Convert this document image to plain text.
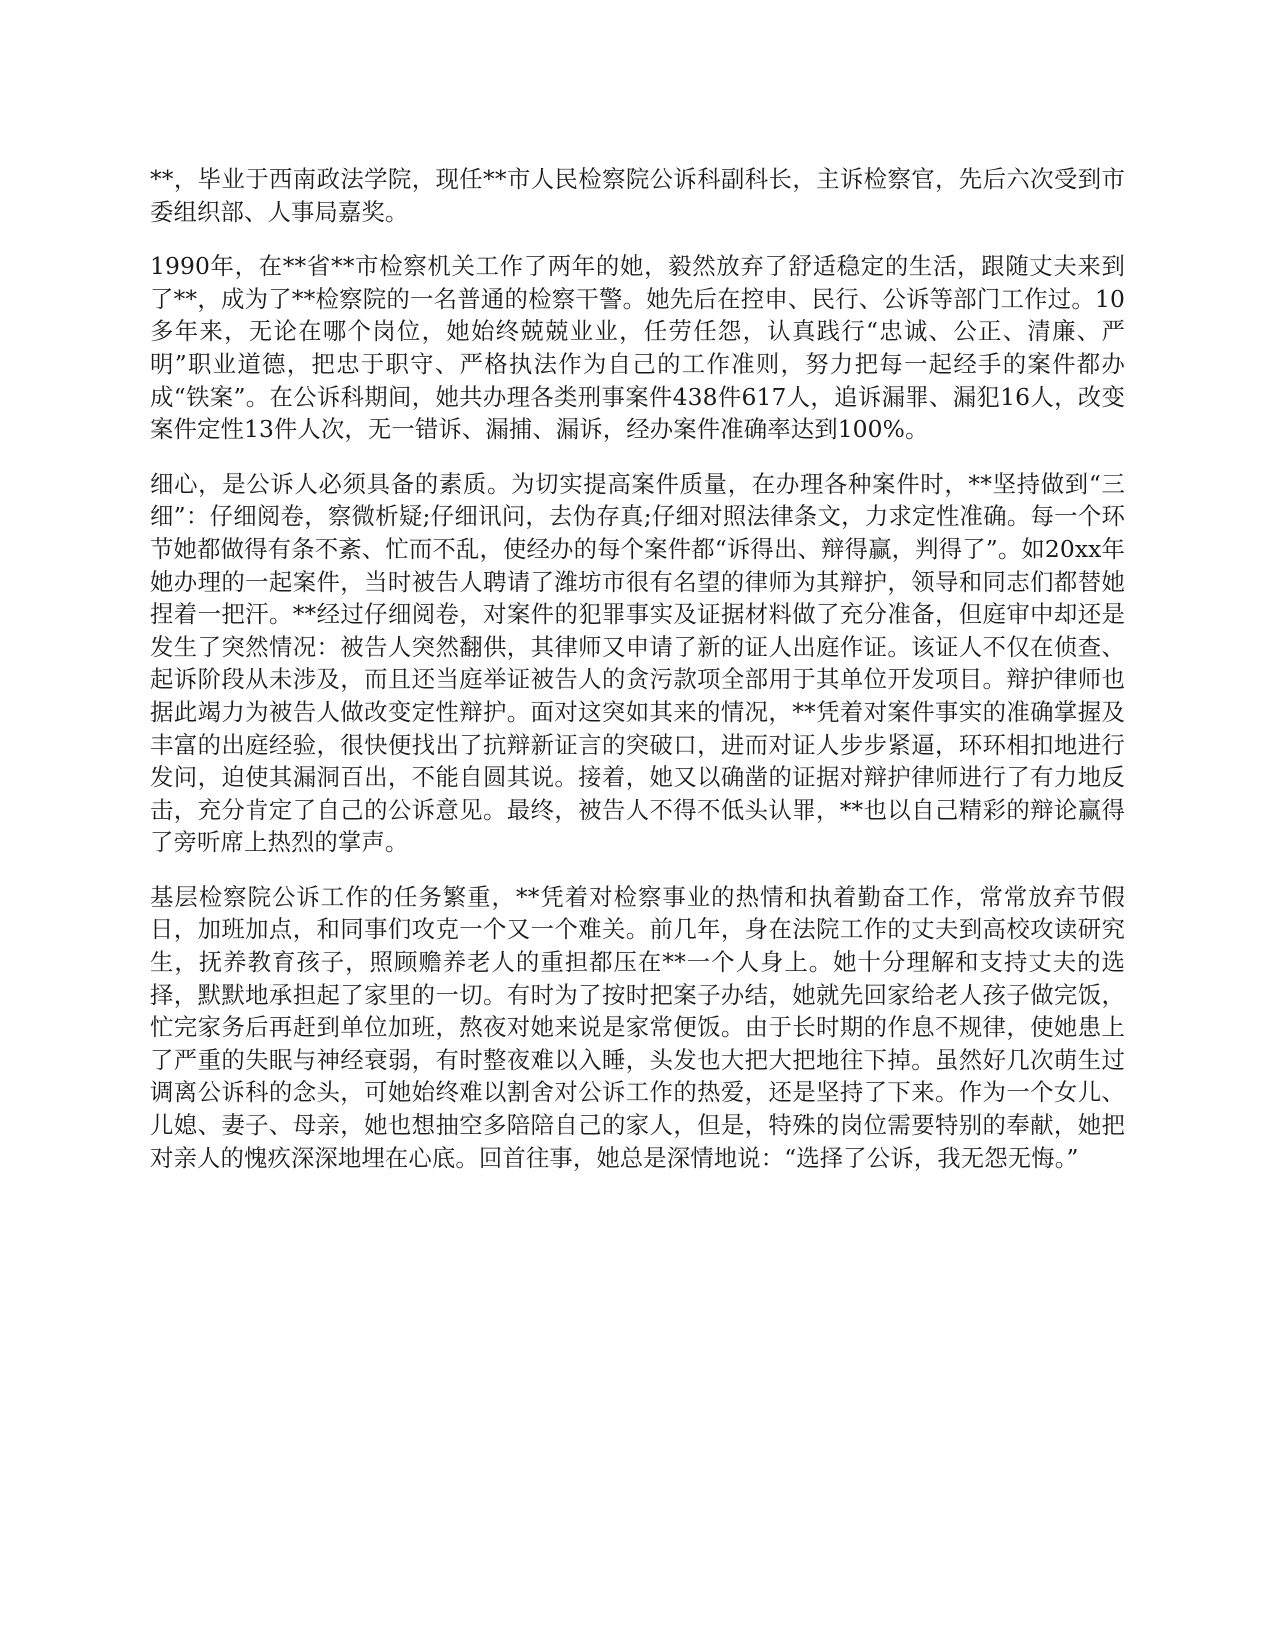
**，毕业于西南政法学院，现任**市人民检察院公诉科副科长，主诉检察官，先后六次受到市委组织部、人事局嘉奖。

1990年，在**省**市检察机关工作了两年的她，毅然放弃了舒适稳定的生活，跟随丈夫来到了**，成为了**检察院的一名普通的检察干警。她先后在控申、民行、公诉等部门工作过。10多年来，无论在哪个岗位，她始终兢兢业业，任劳任怨，认真践行“忠诚、公正、清廉、严明”职业道德，把忠于职守、严格执法作为自己的工作准则，努力把每一起经手的案件都办成“铁案”。在公诉科期间，她共办理各类刑事案件438件617人，追诉漏罪、漏犯16人，改变案件定性13件人次，无一错诉、漏捕、漏诉，经办案件准确率达到100%。

细心，是公诉人必须具备的素质。为切实提高案件质量，在办理各种案件时，**坚持做到“三细”：仔细阅卷，察微析疑;仔细讯问，去伪存真;仔细对照法律条文，力求定性准确。每一个环节她都做得有条不紊、忙而不乱，使经办的每个案件都“诉得出、辩得赢，判得了”。如20xx年她办理的一起案件，当时被告人聘请了潍坊市很有名望的律师为其辩护，领导和同志们都替她捏着一把汗。**经过仔细阅卷，对案件的犯罪事实及证据材料做了充分准备，但庭审中却还是发生了突然情况：被告人突然翻供，其律师又申请了新的证人出庭作证。该证人不仅在侦查、起诉阶段从未涉及，而且还当庭举证被告人的贪污款项全部用于其单位开发项目。辩护律师也据此竭力为被告人做改变定性辩护。面对这突如其来的情况，**凭着对案件事实的准确掌握及丰富的出庭经验，很快便找出了抗辩新证言的突破口，进而对证人步步紧逼，环环相扣地进行发问，迫使其漏洞百出，不能自圆其说。接着，她又以确凿的证据对辩护律师进行了有力地反击，充分肯定了自己的公诉意见。最终，被告人不得不低头认罪，**也以自己精彩的辩论赢得了旁听席上热烈的掌声。

基层检察院公诉工作的任务繁重，**凭着对检察事业的热情和执着勤奋工作，常常放弃节假日，加班加点，和同事们攻克一个又一个难关。前几年，身在法院工作的丈夫到高校攻读研究生，抚养教育孩子，照顾赡养老人的重担都压在**一个人身上。她十分理解和支持丈夫的选择，默默地承担起了家里的一切。有时为了按时把案子办结，她就先回家给老人孩子做完饭，忙完家务后再赶到单位加班，熬夜对她来说是家常便饭。由于长时期的作息不规律，使她患上了严重的失眠与神经衰弱，有时整夜难以入睡，头发也大把大把地往下掉。虽然好几次萌生过调离公诉科的念头，可她始终难以割舍对公诉工作的热爱，还是坚持了下来。作为一个女儿、儿媳、妻子、母亲，她也想抽空多陪陪自己的家人，但是，特殊的岗位需要特别的奉献，她把对亲人的愧疚深深地埋在心底。回首往事，她总是深情地说：“选择了公诉，我无怨无悔。”
